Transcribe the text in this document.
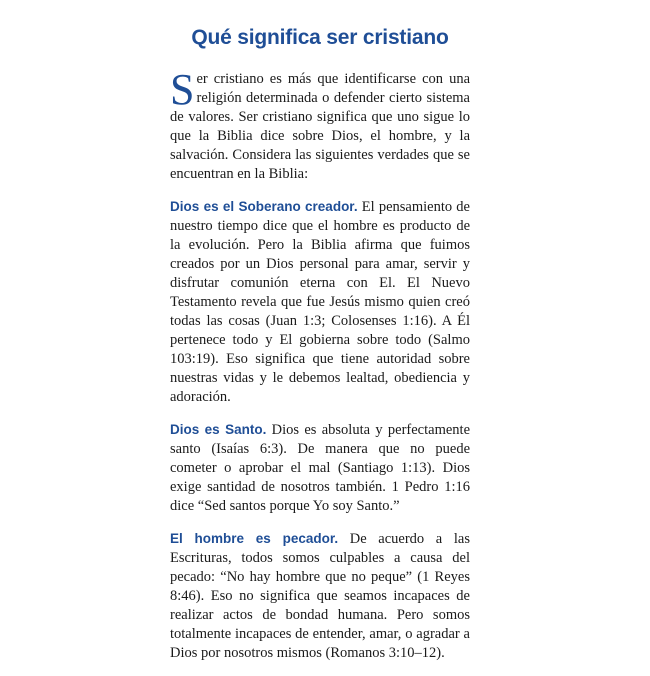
Qué significa ser cristiano

Ser cristiano es más que identificarse con una religión determinada o defender cierto sistema de valores. Ser cristiano significa que uno sigue lo que la Biblia dice sobre Dios, el hombre, y la salvación. Considera las siguientes verdades que se encuentran en la Biblia:

Dios es el Soberano creador. El pensamiento de nuestro tiempo dice que el hombre es producto de la evolución. Pero la Biblia afirma que fuimos creados por un Dios personal para amar, servir y disfrutar comunión eterna con El. El Nuevo Testamento revela que fue Jesús mismo quien creó todas las cosas (Juan 1:3; Colosenses 1:16). A Él pertenece todo y El gobierna sobre todo (Salmo 103:19). Eso significa que tiene autoridad sobre nuestras vidas y le debemos lealtad, obediencia y adoración.

Dios es Santo. Dios es absoluta y perfectamente santo (Isaías 6:3). De manera que no puede cometer o aprobar el mal (Santiago 1:13). Dios exige santidad de nosotros también. 1 Pedro 1:16 dice “Sed santos porque Yo soy Santo.”

El hombre es pecador. De acuerdo a las Escrituras, todos somos culpables a causa del pecado: “No hay hombre que no peque” (1 Reyes 8:46). Eso no significa que seamos incapaces de realizar actos de bondad humana. Pero somos totalmente incapaces de entender, amar, o agradar a Dios por nosotros mismos (Romanos 3:10–12).
